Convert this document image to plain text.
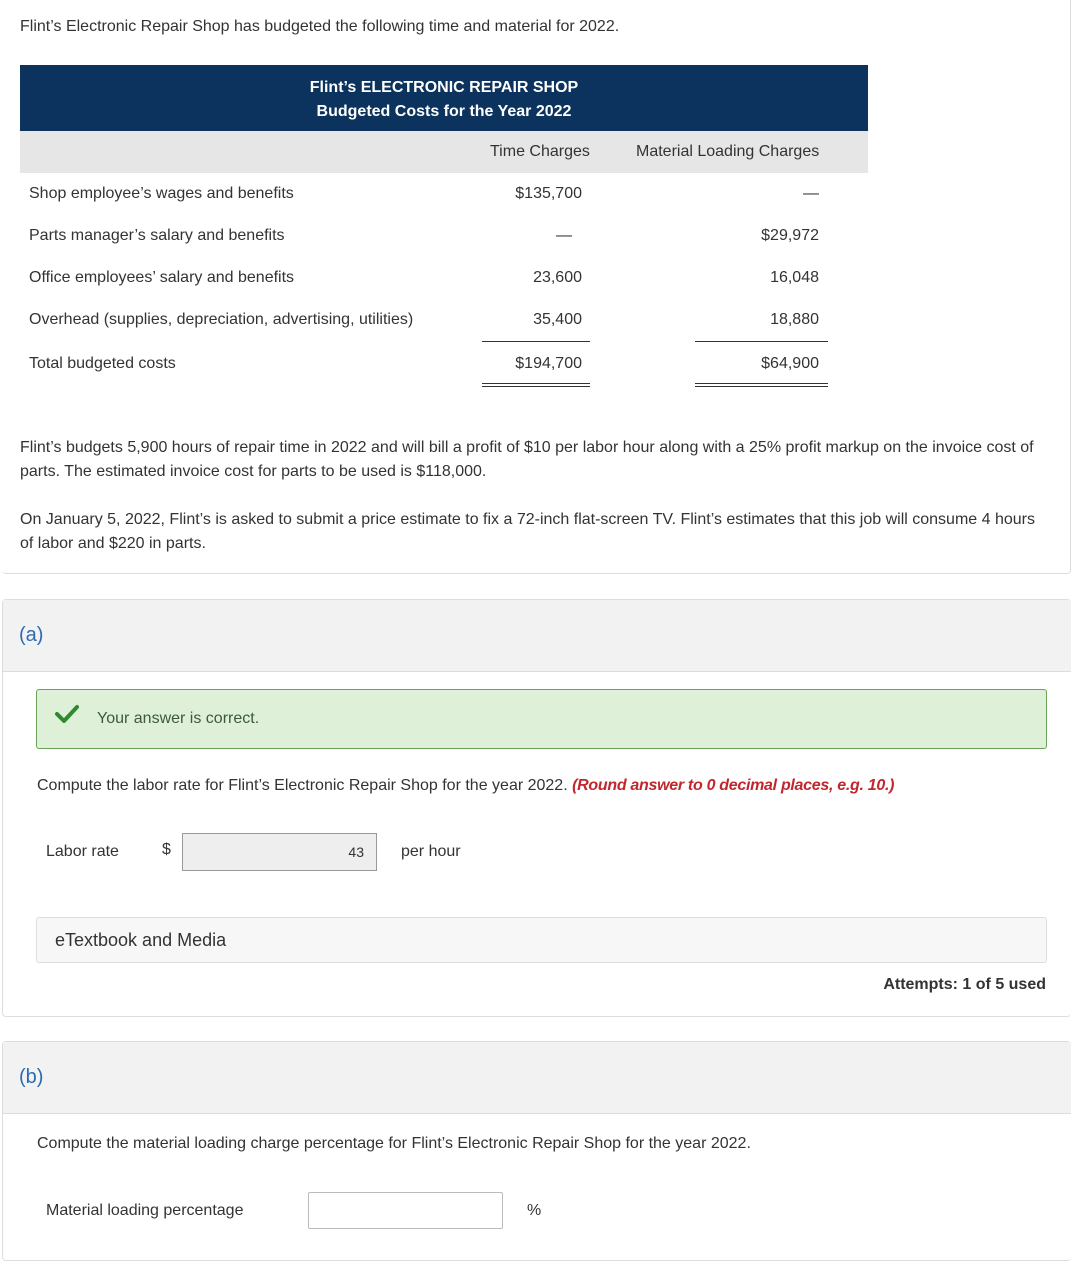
Flint’s Electronic Repair Shop has budgeted the following time and material for 2022.
Flint’s ELECTRONIC REPAIR SHOP
Budgeted Costs for the Year 2022
Time Charges	Material Loading Charges
Shop employee’s wages and benefits	$135,700	—
Parts manager’s salary and benefits	—	$29,972
Office employees’ salary and benefits	23,600	16,048
Overhead (supplies, depreciation, advertising, utilities)	35,400	18,880
Total budgeted costs	$194,700	$64,900
Flint’s budgets 5,900 hours of repair time in 2022 and will bill a profit of $10 per labor hour along with a 25% profit markup on the invoice cost of parts. The estimated invoice cost for parts to be used is $118,000.
On January 5, 2022, Flint’s is asked to submit a price estimate to fix a 72-inch flat-screen TV. Flint’s estimates that this job will consume 4 hours of labor and $220 in parts.
(a)
Your answer is correct.
Compute the labor rate for Flint’s Electronic Repair Shop for the year 2022. (Round answer to 0 decimal places, e.g. 10.)
Labor rate	$	43	per hour
eTextbook and Media
Attempts: 1 of 5 used
(b)
Compute the material loading charge percentage for Flint’s Electronic Repair Shop for the year 2022.
Material loading percentage	%
